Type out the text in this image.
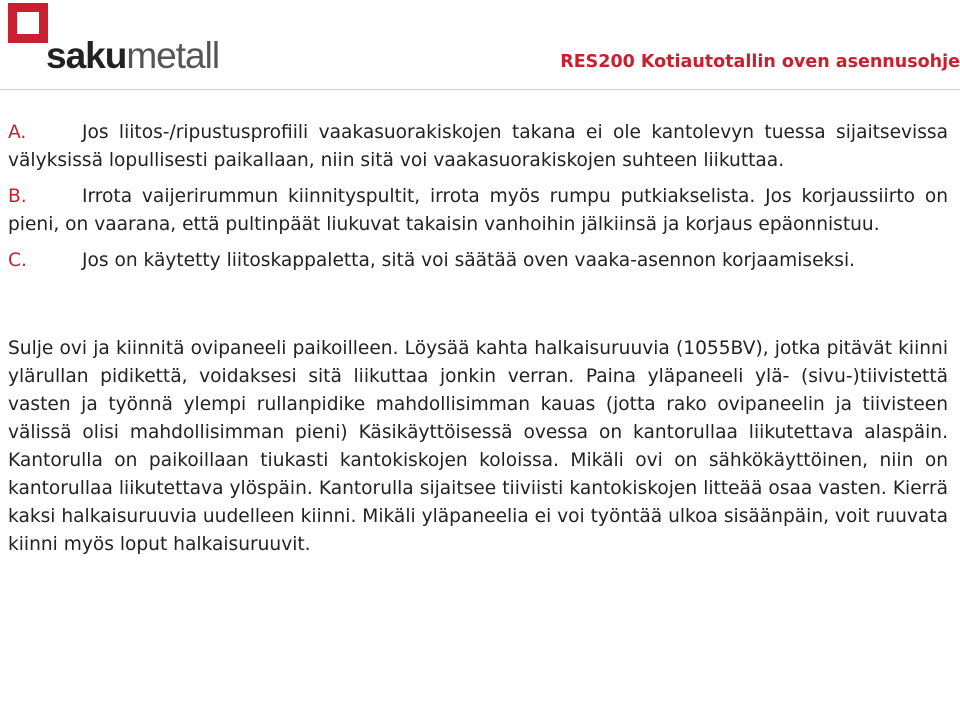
sakumetall	RES200 Kotiautotallin oven asennusohje

A.	Jos liitos-/ripustusprofiili vaakasuorakiskojen takana ei ole kantolevyn tuessa sijaitsevissa välyksissä lopullisesti paikallaan, niin sitä voi vaakasuorakiskojen suhteen liikuttaa.

B.	Irrota vaijerirummun kiinnityspultit, irrota myös rumpu putkiakselista. Jos korjaussiirto on pieni, on vaarana, että pultinpäät liukuvat takaisin vanhoihin jälkiinsä ja korjaus epäonnistuu.

C.	Jos on käytetty liitoskappaletta, sitä voi säätää oven vaaka-asennon korjaamiseksi.

Sulje ovi ja kiinnitä ovipaneeli paikoilleen. Löysää kahta halkaisuruuvia (1055BV), jotka pitävät kiinni ylärullan pidikettä, voidaksesi sitä liikuttaa jonkin verran. Paina yläpaneeli ylä- (sivu-)tiivistettä vasten ja työnnä ylempi rullanpidike mahdollisimman kauas (jotta rako ovipaneelin ja tiivisteen välissä olisi mahdollisimman pieni) Käsikäyttöisessä ovessa on kantorullaa liikutettava alaspäin. Kantorulla on paikoillaan tiukasti kantokiskojen koloissa. Mikäli ovi on sähkökäyttöinen, niin on kantorullaa liikutettava ylöspäin. Kantorulla sijaitsee tiiviisti kantokiskojen litteää osaa vasten. Kierrä kaksi halkaisuruuvia uudelleen kiinni. Mikäli yläpaneelia ei voi työntää ulkoa sisäänpäin, voit ruuvata kiinni myös loput halkaisuruuvit.
